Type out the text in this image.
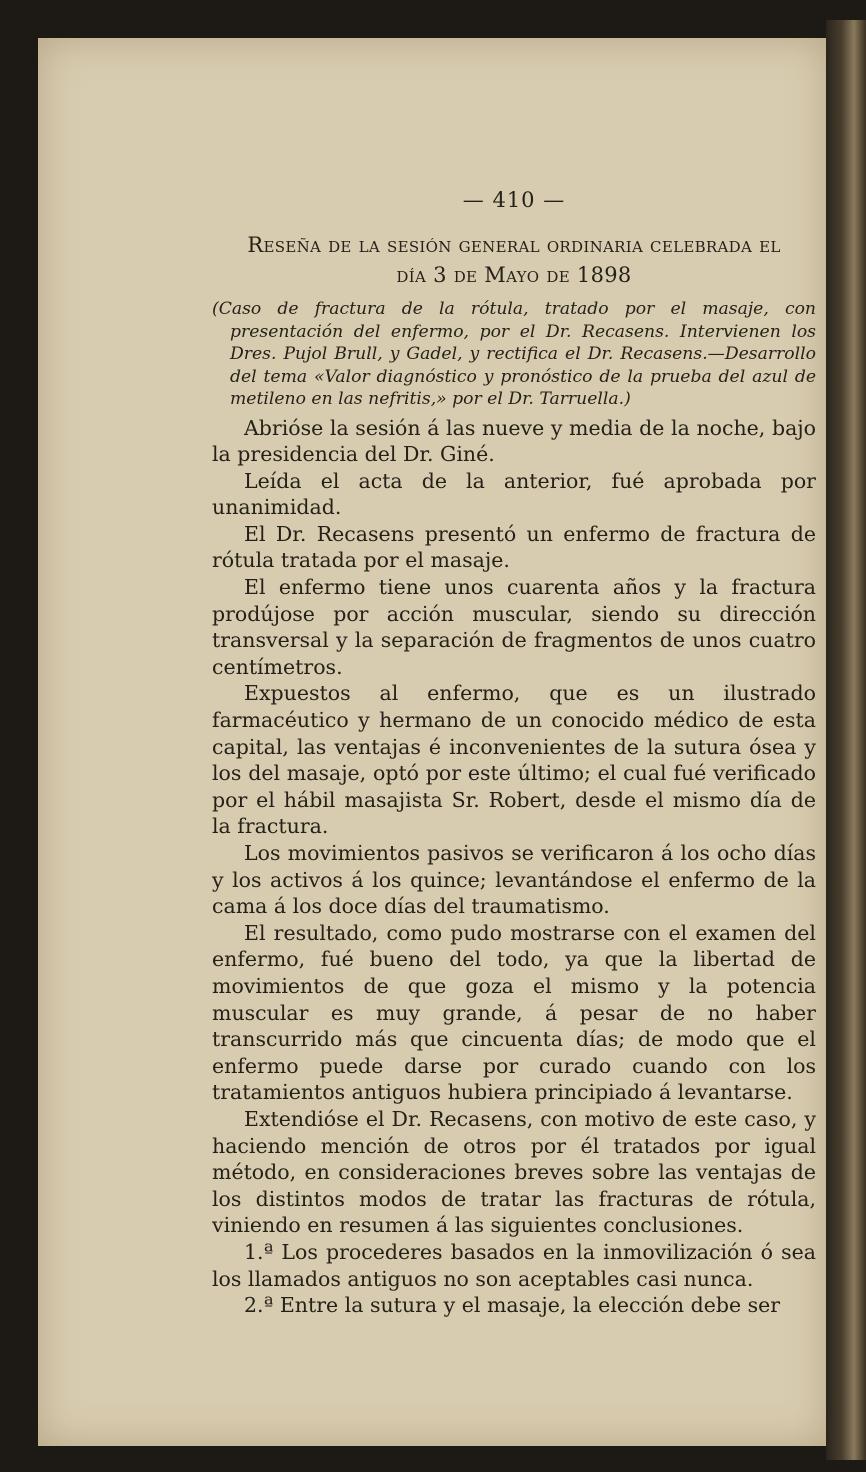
— 410 —

Reseña de la sesión general ordinaria celebrada el

día 3 de Mayo de 1898

(Caso de fractura de la rótula, tratado por el masaje, con presentación del enfermo, por el Dr. Recasens. Intervienen los Dres. Pujol Brull, y Gadel, y rectifica el Dr. Recasens.—Desarrollo del tema «Valor diagnóstico y pronóstico de la prueba del azul de metileno en las nefritis,» por el Dr. Tarruella.)

Abrióse la sesión á las nueve y media de la noche, bajo la presidencia del Dr. Giné.

Leída el acta de la anterior, fué aprobada por unanimidad.

El Dr. Recasens presentó un enfermo de fractura de rótula tratada por el masaje.

El enfermo tiene unos cuarenta años y la fractura prodújose por acción muscular, siendo su dirección transversal y la separación de fragmentos de unos cuatro centímetros.

Expuestos al enfermo, que es un ilustrado farmacéutico y hermano de un conocido médico de esta capital, las ventajas é inconvenientes de la sutura ósea y los del masaje, optó por este último; el cual fué verificado por el hábil masajista Sr. Robert, desde el mismo día de la fractura.

Los movimientos pasivos se verificaron á los ocho días y los activos á los quince; levantándose el enfermo de la cama á los doce días del traumatismo.

El resultado, como pudo mostrarse con el examen del enfermo, fué bueno del todo, ya que la libertad de movimientos de que goza el mismo y la potencia muscular es muy grande, á pesar de no haber transcurrido más que cincuenta días; de modo que el enfermo puede darse por curado cuando con los tratamientos antiguos hubiera principiado á levantarse.

Extendióse el Dr. Recasens, con motivo de este caso, y haciendo mención de otros por él tratados por igual método, en consideraciones breves sobre las ventajas de los distintos modos de tratar las fracturas de rótula, viniendo en resumen á las siguientes conclusiones.

1.ª Los procederes basados en la inmovilización ó sea los llamados antiguos no son aceptables casi nunca.

2.ª Entre la sutura y el masaje, la elección debe ser
